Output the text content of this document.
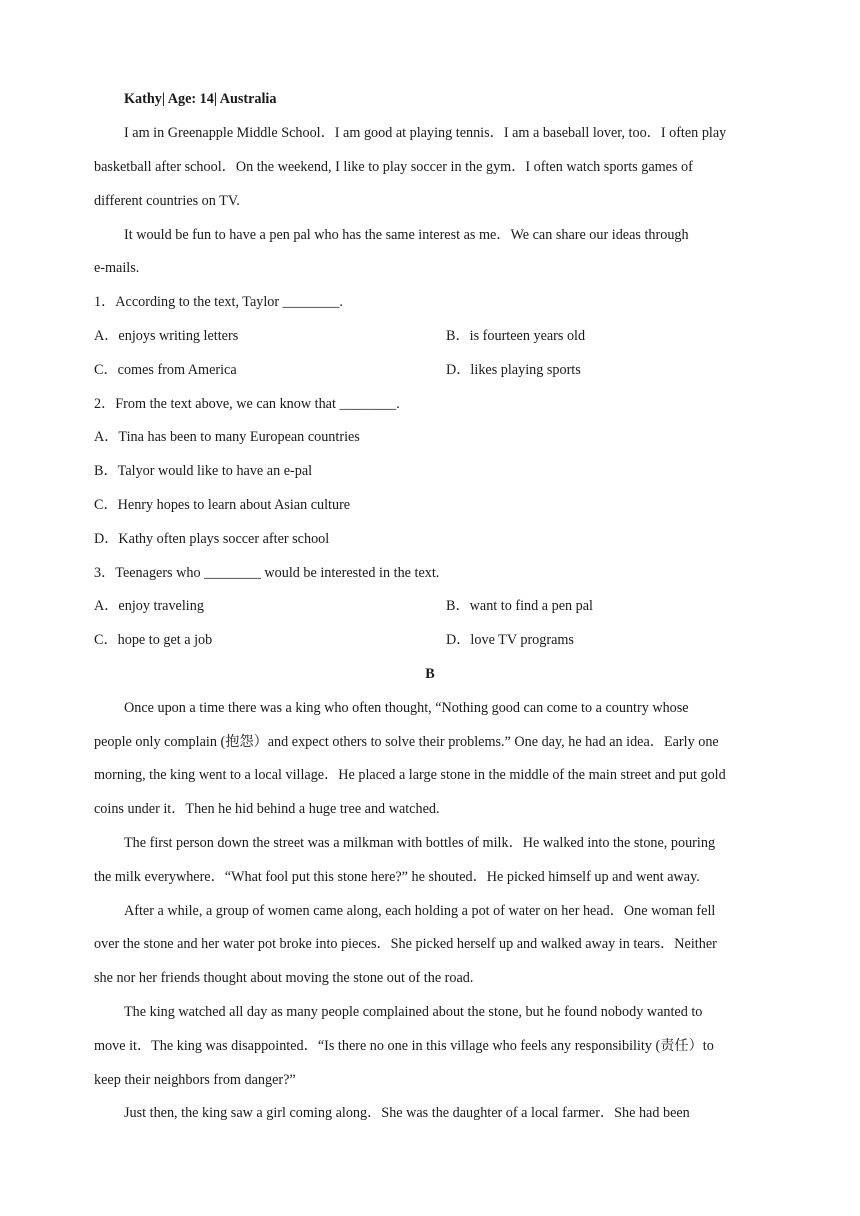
Kathy| Age: 14| Australia
I am in Greenapple Middle School．I am good at playing tennis．I am a baseball lover, too．I often play
basketball after school．On the weekend, I like to play soccer in the gym．I often watch sports games of
different countries on TV.
It would be fun to have a pen pal who has the same interest as me．We can share our ideas through
e-mails.
1．According to the text, Taylor ________.
A．enjoys writing letters	B．is fourteen years old
C．comes from America	D．likes playing sports
2．From the text above, we can know that ________.
A．Tina has been to many European countries
B．Talyor would like to have an e-pal
C．Henry hopes to learn about Asian culture
D．Kathy often plays soccer after school
3．Teenagers who ________ would be interested in the text.
A．enjoy traveling	B．want to find a pen pal
C．hope to get a job	D．love TV programs
B
Once upon a time there was a king who often thought, “Nothing good can come to a country whose
people only complain (抱怨）and expect others to solve their problems.” One day, he had an idea．Early one
morning, the king went to a local village．He placed a large stone in the middle of the main street and put gold
coins under it．Then he hid behind a huge tree and watched.
The first person down the street was a milkman with bottles of milk．He walked into the stone, pouring
the milk everywhere．“What fool put this stone here?” he shouted．He picked himself up and went away.
After a while, a group of women came along, each holding a pot of water on her head．One woman fell
over the stone and her water pot broke into pieces．She picked herself up and walked away in tears．Neither
she nor her friends thought about moving the stone out of the road.
The king watched all day as many people complained about the stone, but he found nobody wanted to
move it．The king was disappointed．“Is there no one in this village who feels any responsibility (责任）to
keep their neighbors from danger?”
Just then, the king saw a girl coming along．She was the daughter of a local farmer．She had been
